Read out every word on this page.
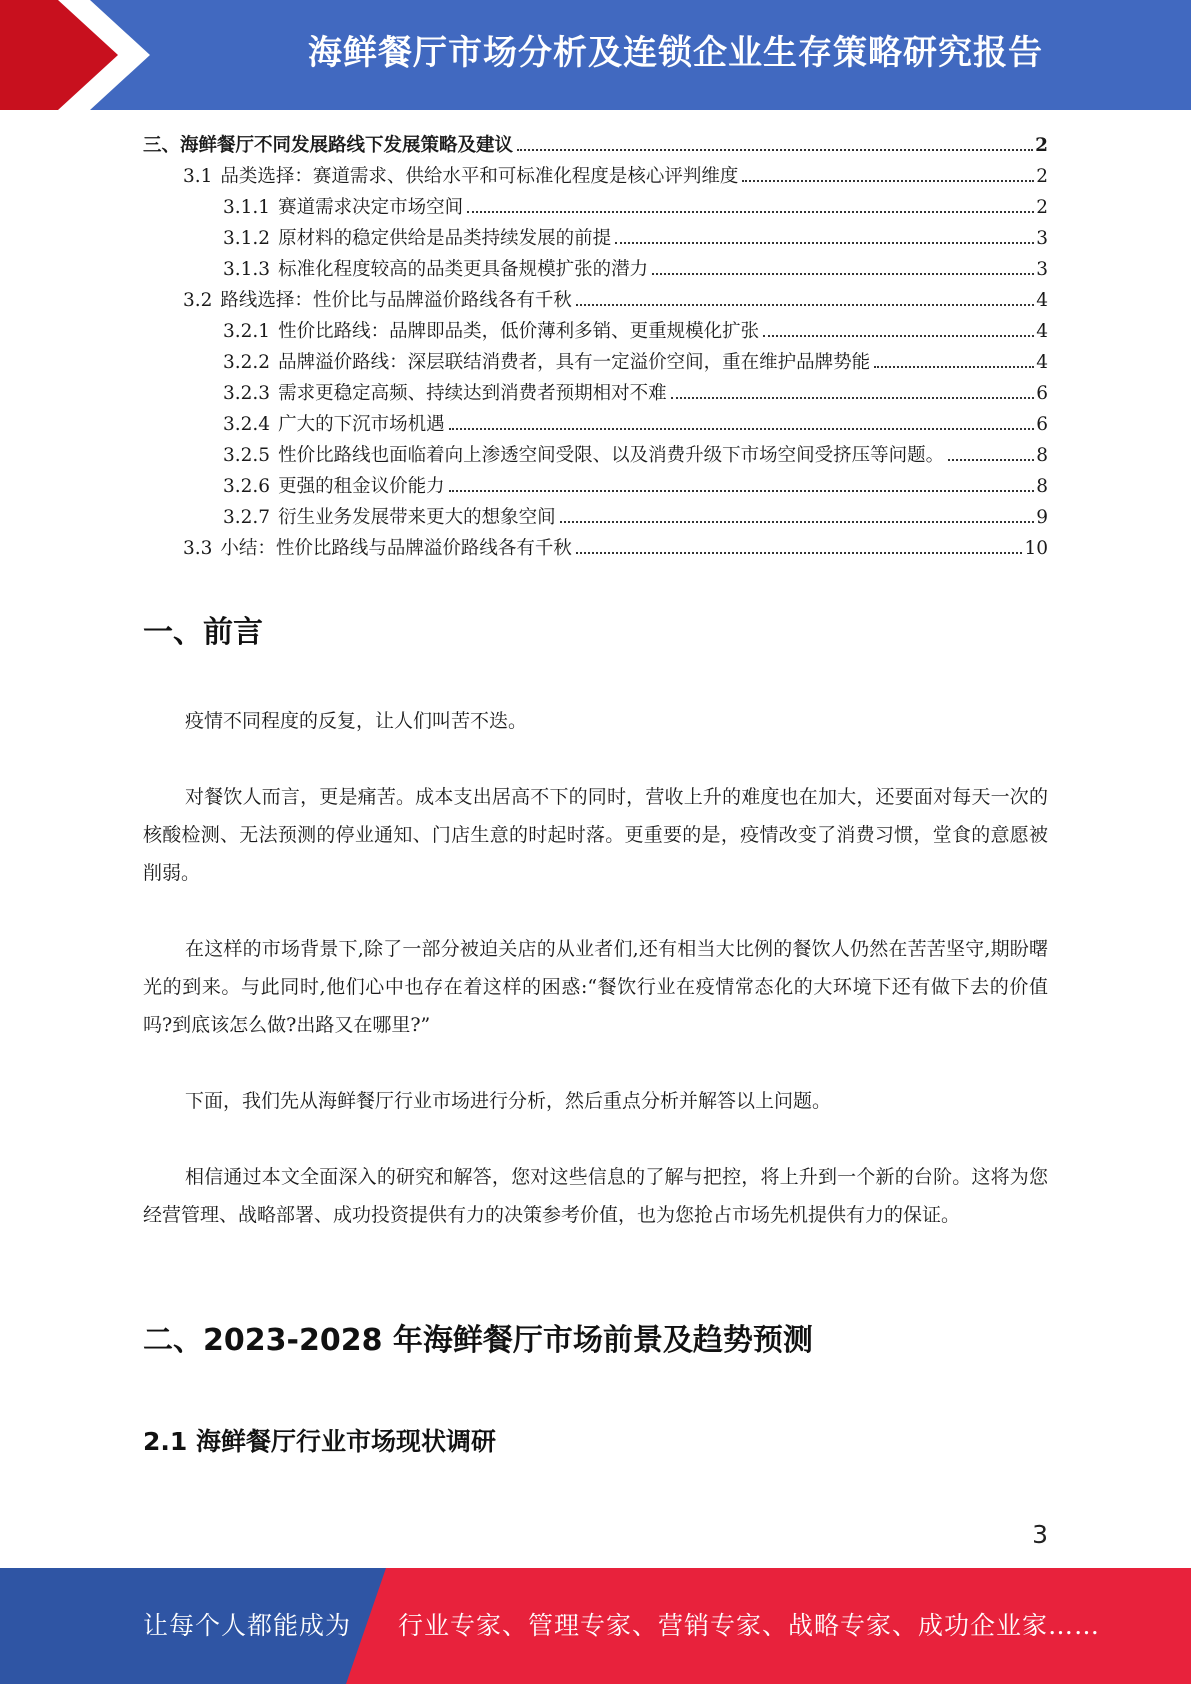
海鲜餐厅市场分析及连锁企业生存策略研究报告
三、 海鲜餐厅不同发展路线下发展策略及建议	2
3.1 品类选择：赛道需求、供给水平和可标准化程度是核心评判维度	2
3.1.1 赛道需求决定市场空间	2
3.1.2 原材料的稳定供给是品类持续发展的前提	3
3.1.3 标准化程度较高的品类更具备规模扩张的潜力	3
3.2 路线选择：性价比与品牌溢价路线各有千秋	4
3.2.1 性价比路线：品牌即品类，低价薄利多销、更重规模化扩张	4
3.2.2 品牌溢价路线：深层联结消费者，具有一定溢价空间，重在维护品牌势能	4
3.2.3 需求更稳定高频、持续达到消费者预期相对不难	6
3.2.4 广大的下沉市场机遇	6
3.2.5 性价比路线也面临着向上渗透空间受限、以及消费升级下市场空间受挤压等问题。	8
3.2.6 更强的租金议价能力	8
3.2.7 衍生业务发展带来更大的想象空间	9
3.3 小结：性价比路线与品牌溢价路线各有千秋	10
一、前言
疫情不同程度的反复，让人们叫苦不迭。
对餐饮人而言，更是痛苦。成本支出居高不下的同时，营收上升的难度也在加大，还要面对每天一次的核酸检测、无法预测的停业通知、门店生意的时起时落。更重要的是，疫情改变了消费习惯，堂食的意愿被削弱。
在这样的市场背景下,除了一部分被迫关店的从业者们,还有相当大比例的餐饮人仍然在苦苦坚守,期盼曙光的到来。与此同时,他们心中也存在着这样的困惑:“餐饮行业在疫情常态化的大环境下还有做下去的价值吗?到底该怎么做?出路又在哪里?”
下面，我们先从海鲜餐厅行业市场进行分析，然后重点分析并解答以上问题。
相信通过本文全面深入的研究和解答，您对这些信息的了解与把控，将上升到一个新的台阶。这将为您经营管理、战略部署、成功投资提供有力的决策参考价值，也为您抢占市场先机提供有力的保证。
二、2023-2028 年海鲜餐厅市场前景及趋势预测
2.1 海鲜餐厅行业市场现状调研
3
让每个人都能成为 行业专家、管理专家、营销专家、战略专家、成功企业家……
